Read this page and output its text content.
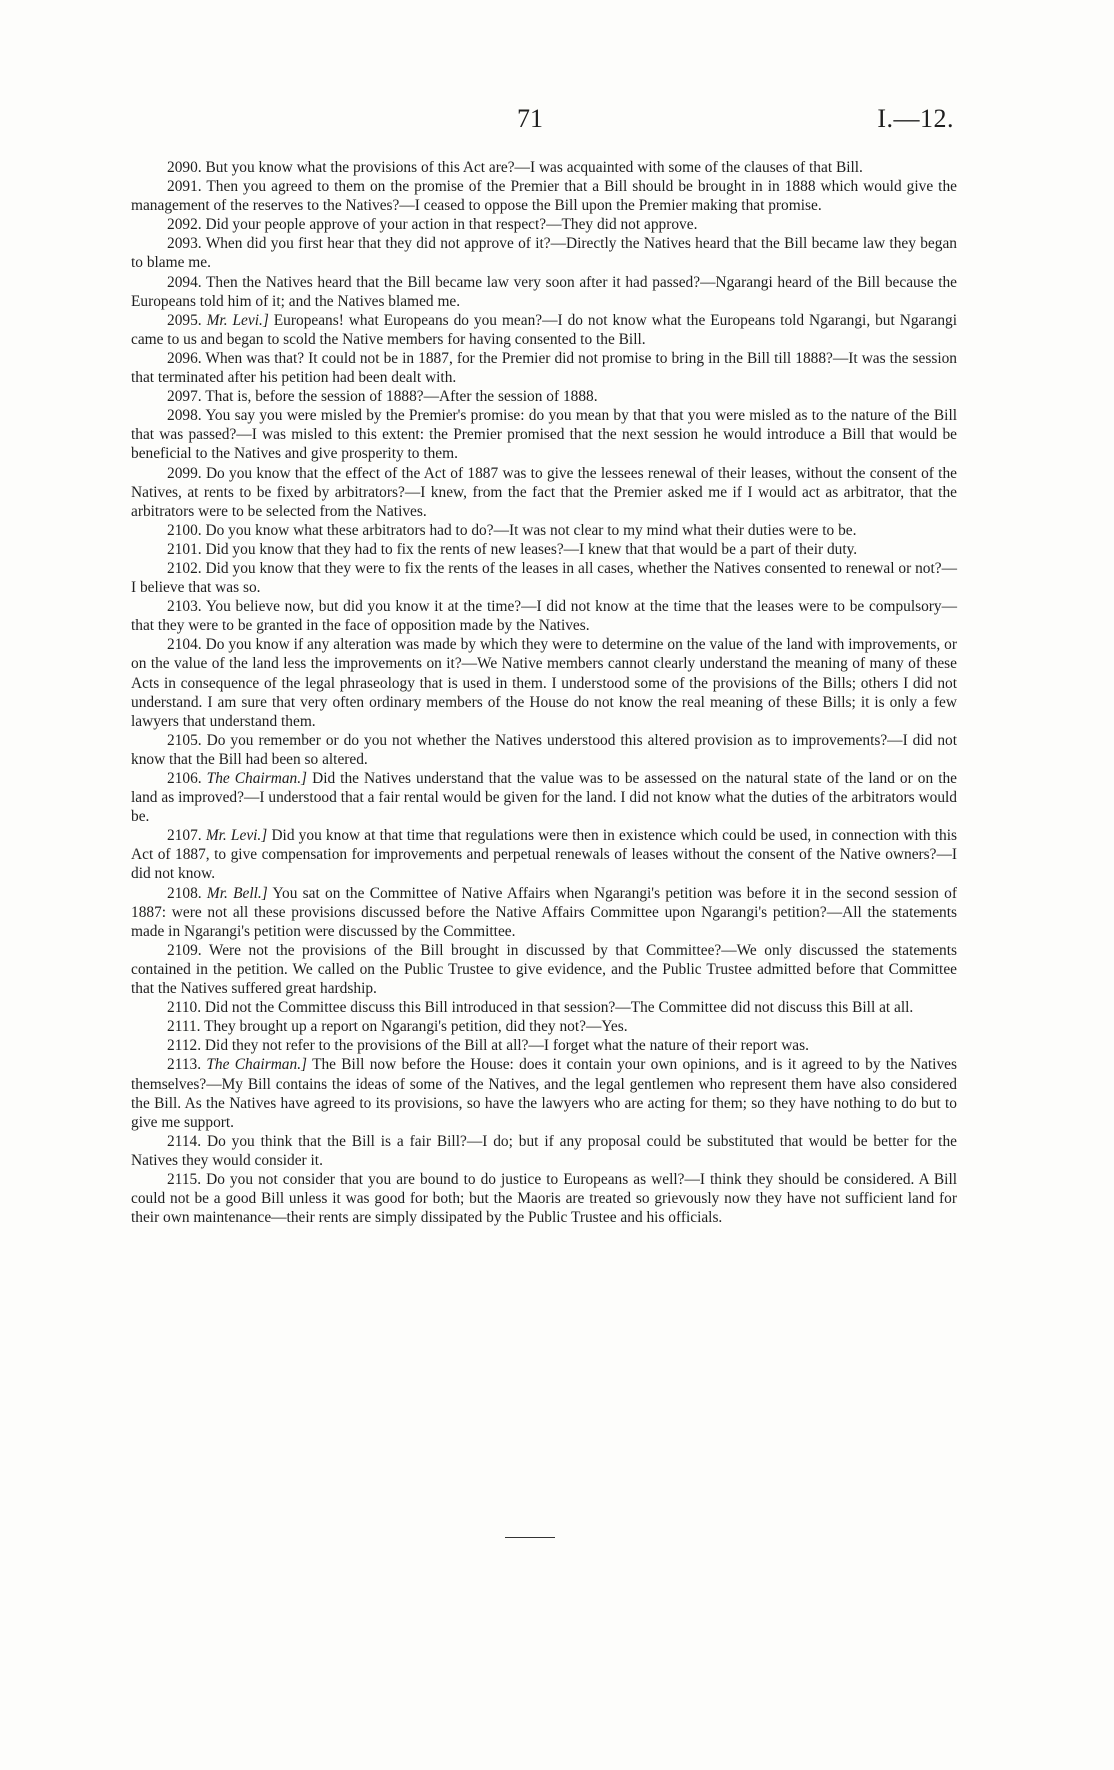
71	I.—12.

2090. But you know what the provisions of this Act are?—I was acquainted with some of the clauses of that Bill.

2091. Then you agreed to them on the promise of the Premier that a Bill should be brought in in 1888 which would give the management of the reserves to the Natives?—I ceased to oppose the Bill upon the Premier making that promise.

2092. Did your people approve of your action in that respect?—They did not approve.

2093. When did you first hear that they did not approve of it?—Directly the Natives heard that the Bill became law they began to blame me.

2094. Then the Natives heard that the Bill became law very soon after it had passed?—Ngarangi heard of the Bill because the Europeans told him of it; and the Natives blamed me.

2095. Mr. Levi.] Europeans! what Europeans do you mean?—I do not know what the Europeans told Ngarangi, but Ngarangi came to us and began to scold the Native members for having consented to the Bill.

2096. When was that? It could not be in 1887, for the Premier did not promise to bring in the Bill till 1888?—It was the session that terminated after his petition had been dealt with.

2097. That is, before the session of 1888?—After the session of 1888.

2098. You say you were misled by the Premier's promise: do you mean by that that you were misled as to the nature of the Bill that was passed?—I was misled to this extent: the Premier promised that the next session he would introduce a Bill that would be beneficial to the Natives and give prosperity to them.

2099. Do you know that the effect of the Act of 1887 was to give the lessees renewal of their leases, without the consent of the Natives, at rents to be fixed by arbitrators?—I knew, from the fact that the Premier asked me if I would act as arbitrator, that the arbitrators were to be selected from the Natives.

2100. Do you know what these arbitrators had to do?—It was not clear to my mind what their duties were to be.

2101. Did you know that they had to fix the rents of new leases?—I knew that that would be a part of their duty.

2102. Did you know that they were to fix the rents of the leases in all cases, whether the Natives consented to renewal or not?—I believe that was so.

2103. You believe now, but did you know it at the time?—I did not know at the time that the leases were to be compulsory—that they were to be granted in the face of opposition made by the Natives.

2104. Do you know if any alteration was made by which they were to determine on the value of the land with improvements, or on the value of the land less the improvements on it?—We Native members cannot clearly understand the meaning of many of these Acts in consequence of the legal phraseology that is used in them. I understood some of the provisions of the Bills; others I did not understand. I am sure that very often ordinary members of the House do not know the real meaning of these Bills; it is only a few lawyers that understand them.

2105. Do you remember or do you not whether the Natives understood this altered provision as to improvements?—I did not know that the Bill had been so altered.

2106. The Chairman.] Did the Natives understand that the value was to be assessed on the natural state of the land or on the land as improved?—I understood that a fair rental would be given for the land. I did not know what the duties of the arbitrators would be.

2107. Mr. Levi.] Did you know at that time that regulations were then in existence which could be used, in connection with this Act of 1887, to give compensation for improvements and perpetual renewals of leases without the consent of the Native owners?—I did not know.

2108. Mr. Bell.] You sat on the Committee of Native Affairs when Ngarangi's petition was before it in the second session of 1887: were not all these provisions discussed before the Native Affairs Committee upon Ngarangi's petition?—All the statements made in Ngarangi's petition were discussed by the Committee.

2109. Were not the provisions of the Bill brought in discussed by that Committee?—We only discussed the statements contained in the petition. We called on the Public Trustee to give evidence, and the Public Trustee admitted before that Committee that the Natives suffered great hardship.

2110. Did not the Committee discuss this Bill introduced in that session?—The Committee did not discuss this Bill at all.

2111. They brought up a report on Ngarangi's petition, did they not?—Yes.

2112. Did they not refer to the provisions of the Bill at all?—I forget what the nature of their report was.

2113. The Chairman.] The Bill now before the House: does it contain your own opinions, and is it agreed to by the Natives themselves?—My Bill contains the ideas of some of the Natives, and the legal gentlemen who represent them have also considered the Bill. As the Natives have agreed to its provisions, so have the lawyers who are acting for them; so they have nothing to do but to give me support.

2114. Do you think that the Bill is a fair Bill?—I do; but if any proposal could be substituted that would be better for the Natives they would consider it.

2115. Do you not consider that you are bound to do justice to Europeans as well?—I think they should be considered. A Bill could not be a good Bill unless it was good for both; but the Maoris are treated so grievously now they have not sufficient land for their own maintenance—their rents are simply dissipated by the Public Trustee and his officials.
